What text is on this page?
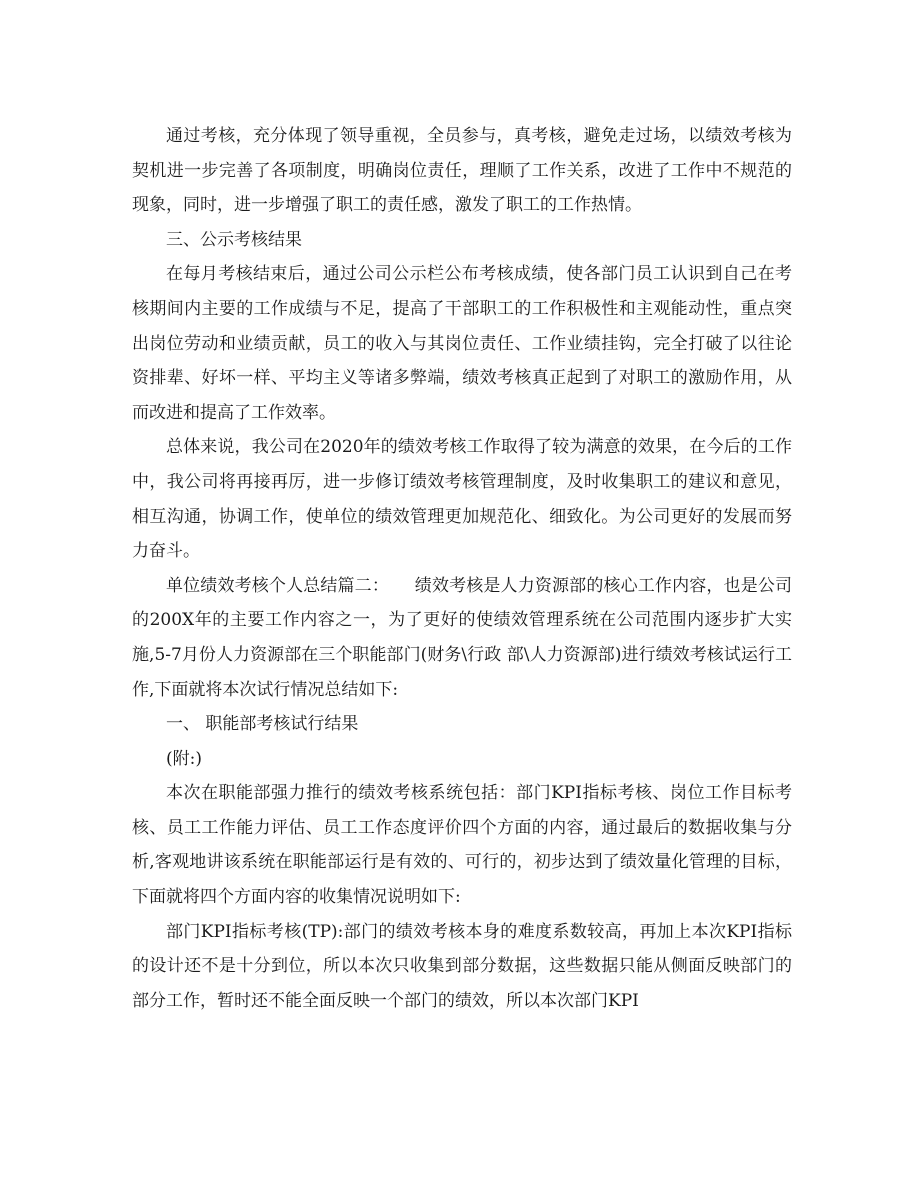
通过考核，充分体现了领导重视，全员参与，真考核，避免走过场，以绩效考核为契机进一步完善了各项制度，明确岗位责任，理顺了工作关系，改进了工作中不规范的现象，同时，进一步增强了职工的责任感，激发了职工的工作热情。

三、公示考核结果

在每月考核结束后，通过公司公示栏公布考核成绩，使各部门员工认识到自己在考核期间内主要的工作成绩与不足，提高了干部职工的工作积极性和主观能动性，重点突出岗位劳动和业绩贡献，员工的收入与其岗位责任、工作业绩挂钩，完全打破了以往论资排辈、好坏一样、平均主义等诸多弊端，绩效考核真正起到了对职工的激励作用，从而改进和提高了工作效率。

总体来说，我公司在2020年的绩效考核工作取得了较为满意的效果，在今后的工作中，我公司将再接再厉，进一步修订绩效考核管理制度，及时收集职工的建议和意见，相互沟通，协调工作，使单位的绩效管理更加规范化、细致化。为公司更好的发展而努力奋斗。

单位绩效考核个人总结篇二：　　绩效考核是人力资源部的核心工作内容，也是公司的200X年的主要工作内容之一，为了更好的使绩效管理系统在公司范围内逐步扩大实施,5-7月份人力资源部在三个职能部门(财务\行政 部\人力资源部)进行绩效考核试运行工作,下面就将本次试行情况总结如下:

一、 职能部考核试行结果

(附:)

本次在职能部强力推行的绩效考核系统包括：部门KPI指标考核、岗位工作目标考核、员工工作能力评估、员工工作态度评价四个方面的内容，通过最后的数据收集与分析,客观地讲该系统在职能部运行是有效的、可行的，初步达到了绩效量化管理的目标，下面就将四个方面内容的收集情况说明如下:

部门KPI指标考核(TP):部门的绩效考核本身的难度系数较高，再加上本次KPI指标的设计还不是十分到位，所以本次只收集到部分数据，这些数据只能从侧面反映部门的部分工作，暂时还不能全面反映一个部门的绩效，所以本次部门KPI
